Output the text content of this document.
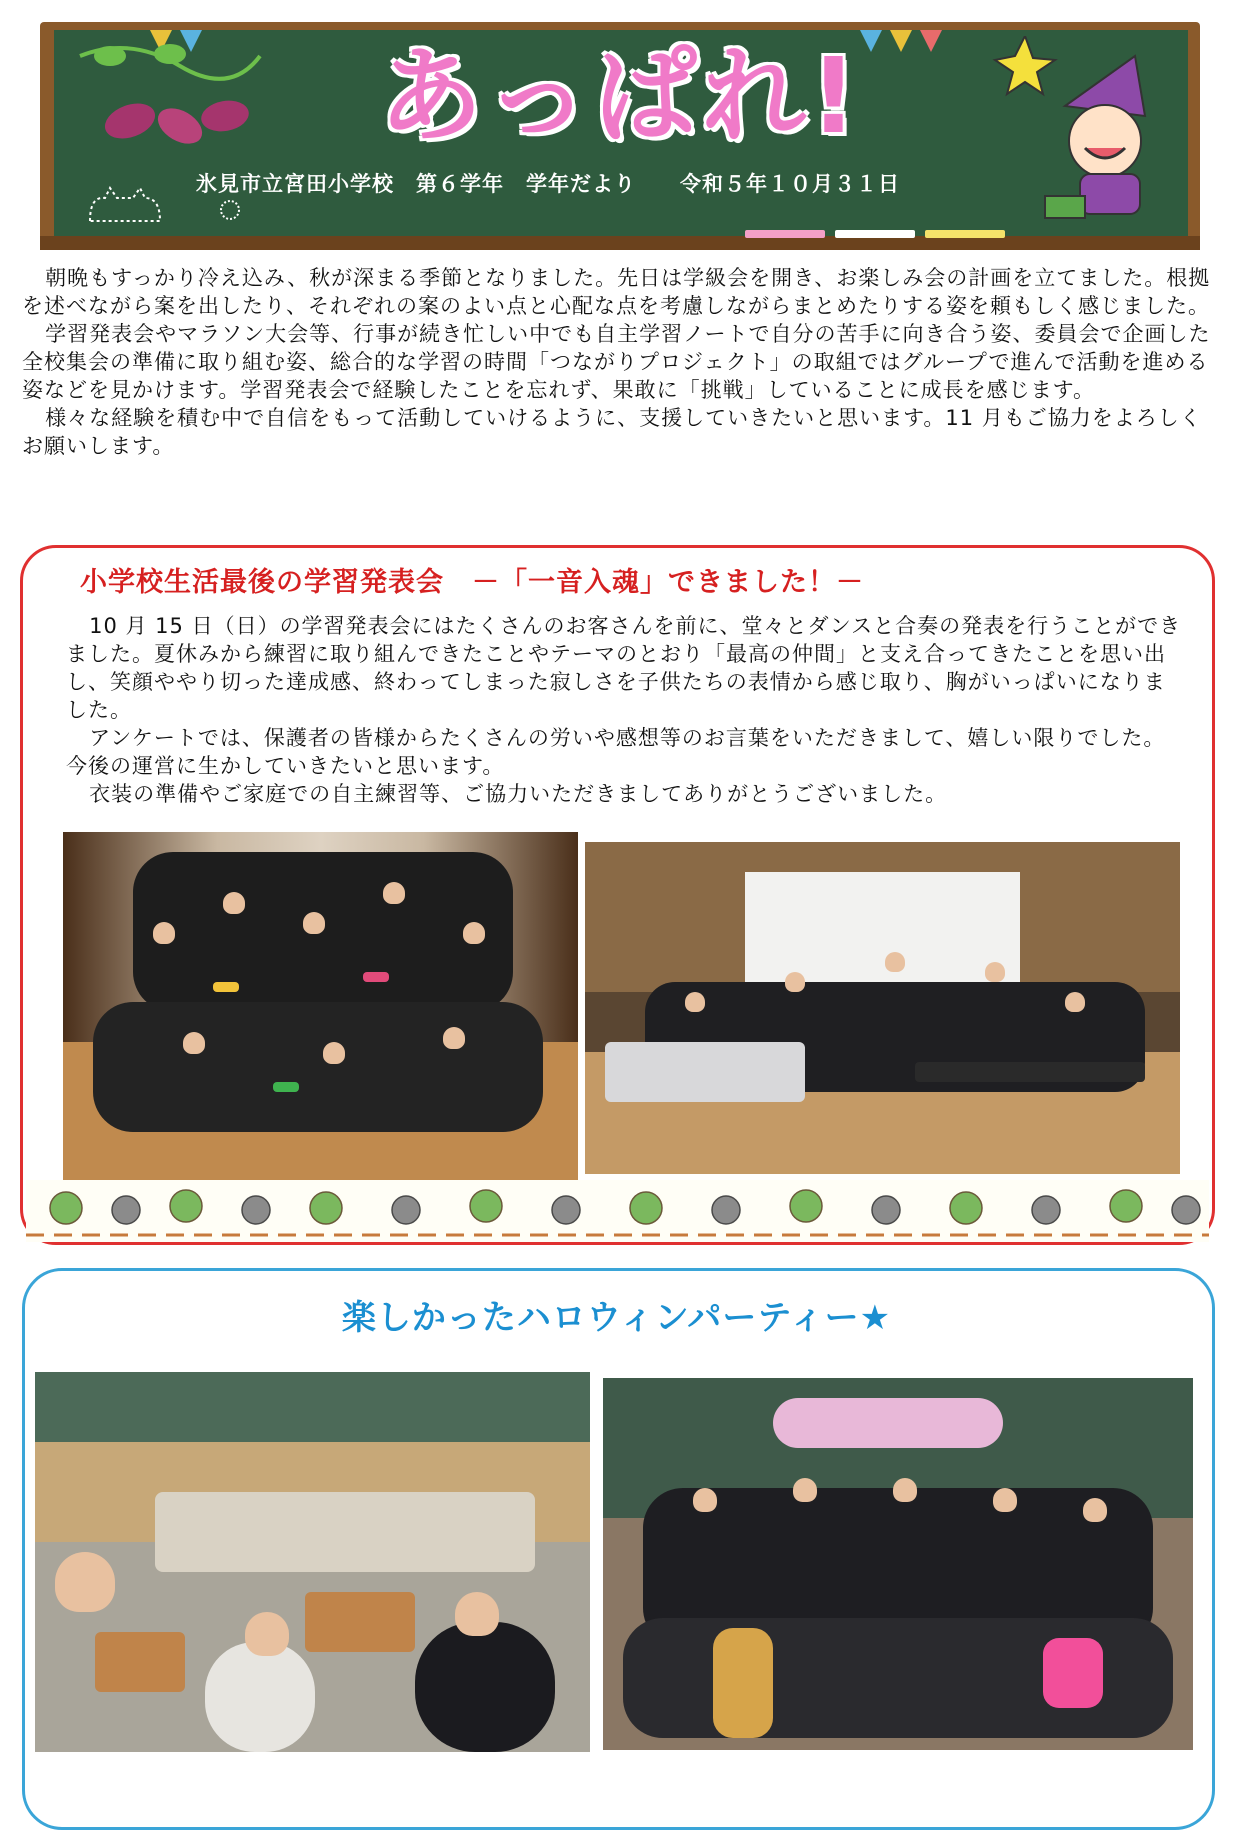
あっぱれ!
氷見市立宮田小学校　第６学年　学年だより　　令和５年１０月３１日

朝晩もすっかり冷え込み、秋が深まる季節となりました。先日は学級会を開き、お楽しみ会の計画を立てました。根拠を述べながら案を出したり、それぞれの案のよい点と心配な点を考慮しながらまとめたりする姿を頼もしく感じました。

学習発表会やマラソン大会等、行事が続き忙しい中でも自主学習ノートで自分の苦手に向き合う姿、委員会で企画した全校集会の準備に取り組む姿、総合的な学習の時間「つながりプロジェクト」の取組ではグループで進んで活動を進める姿などを見かけます。学習発表会で経験したことを忘れず、果敢に「挑戦」していることに成長を感じます。

様々な経験を積む中で自信をもって活動していけるように、支援していきたいと思います。11 月もご協力をよろしくお願いします。

小学校生活最後の学習発表会　－「一音入魂」できました！－

10 月 15 日（日）の学習発表会にはたくさんのお客さんを前に、堂々とダンスと合奏の発表を行うことができました。夏休みから練習に取り組んできたことやテーマのとおり「最高の仲間」と支え合ってきたことを思い出し、笑顔ややり切った達成感、終わってしまった寂しさを子供たちの表情から感じ取り、胸がいっぱいになりました。

アンケートでは、保護者の皆様からたくさんの労いや感想等のお言葉をいただきまして、嬉しい限りでした。今後の運営に生かしていきたいと思います。

衣装の準備やご家庭での自主練習等、ご協力いただきましてありがとうございました。

楽しかったハロウィンパーティー★
